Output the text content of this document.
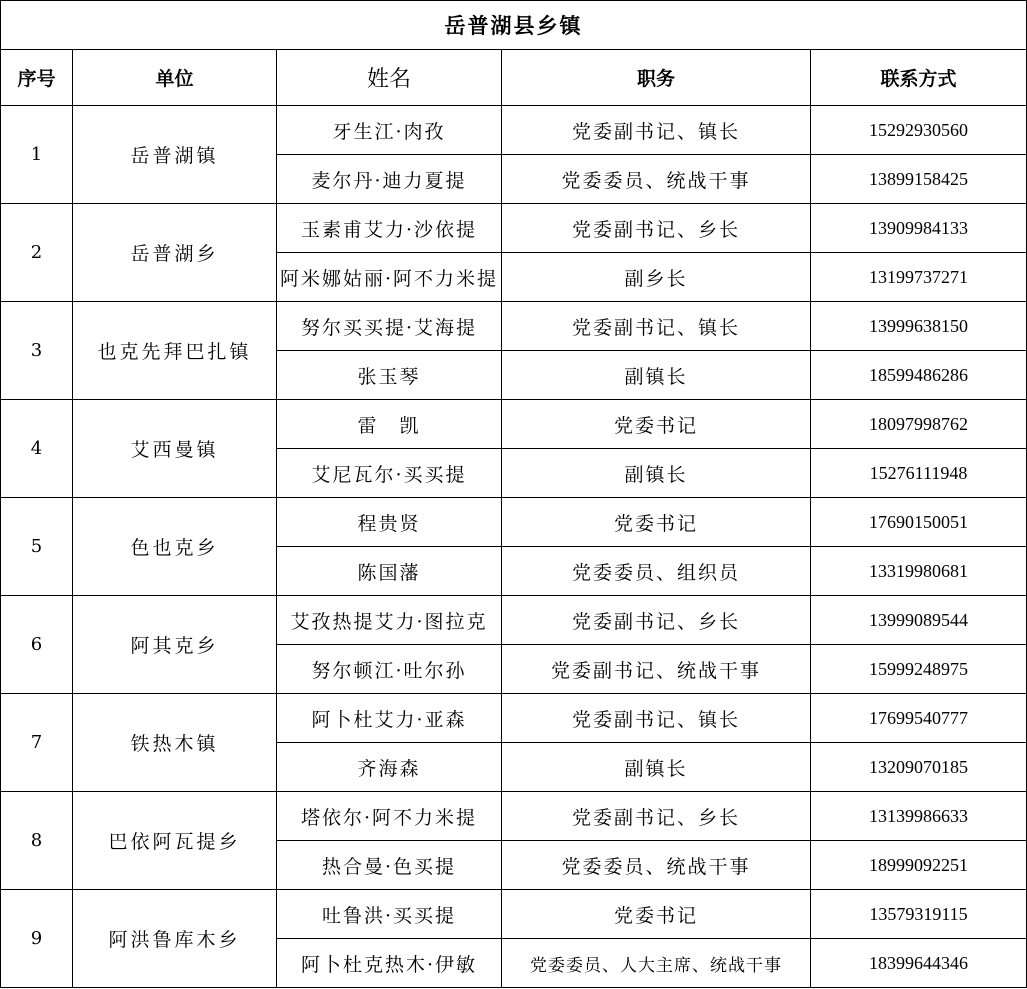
岳普湖县乡镇				
序号	单位	姓名	职务	联系方式
1	岳普湖镇	牙生江·肉孜	党委副书记、镇长	15292930560
		麦尔丹·迪力夏提	党委委员、统战干事	13899158425
2	岳普湖乡	玉素甫艾力·沙依提	党委副书记、乡长	13909984133
		阿米娜姑丽·阿不力米提	副乡长	13199737271
3	也克先拜巴扎镇	努尔买买提·艾海提	党委副书记、镇长	13999638150
		张玉琴	副镇长	18599486286
4	艾西曼镇	雷　凯	党委书记	18097998762
		艾尼瓦尔·买买提	副镇长	15276111948
5	色也克乡	程贵贤	党委书记	17690150051
		陈国藩	党委委员、组织员	13319980681
6	阿其克乡	艾孜热提艾力·图拉克	党委副书记、乡长	13999089544
		努尔顿江·吐尔孙	党委副书记、统战干事	15999248975
7	铁热木镇	阿卜杜艾力·亚森	党委副书记、镇长	17699540777
		齐海森	副镇长	13209070185
8	巴依阿瓦提乡	塔依尔·阿不力米提	党委副书记、乡长	13139986633
		热合曼·色买提	党委委员、统战干事	18999092251
9	阿洪鲁库木乡	吐鲁洪·买买提	党委书记	13579319115
		阿卜杜克热木·伊敏	党委委员、人大主席、统战干事	18399644346
